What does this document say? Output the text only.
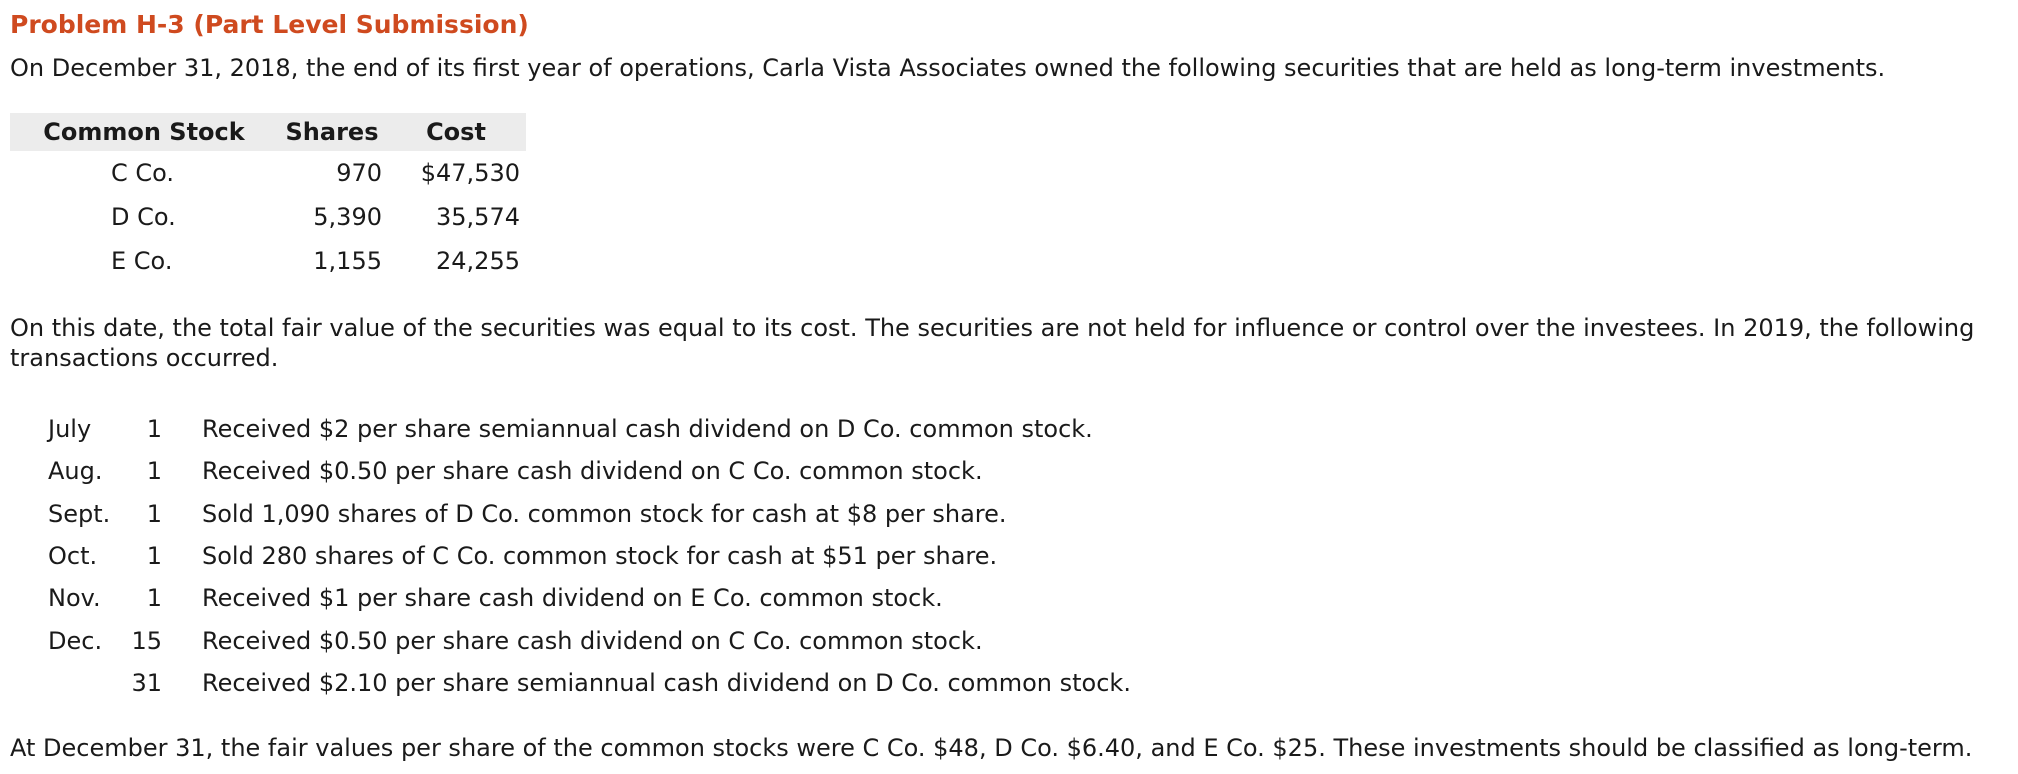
Problem H-3 (Part Level Submission)

On December 31, 2018, the end of its first year of operations, Carla Vista Associates owned the following securities that are held as long-term investments.

Common Stock	Shares	Cost
C Co.	970	$47,530
D Co.	5,390	35,574
E Co.	1,155	24,255

On this date, the total fair value of the securities was equal to its cost. The securities are not held for influence or control over the investees. In 2019, the following transactions occurred.

July	1	Received $2 per share semiannual cash dividend on D Co. common stock.
Aug.	1	Received $0.50 per share cash dividend on C Co. common stock.
Sept.	1	Sold 1,090 shares of D Co. common stock for cash at $8 per share.
Oct.	1	Sold 280 shares of C Co. common stock for cash at $51 per share.
Nov.	1	Received $1 per share cash dividend on E Co. common stock.
Dec.	15	Received $0.50 per share cash dividend on C Co. common stock.
	31	Received $2.10 per share semiannual cash dividend on D Co. common stock.

At December 31, the fair values per share of the common stocks were C Co. $48, D Co. $6.40, and E Co. $25. These investments should be classified as long-term.
